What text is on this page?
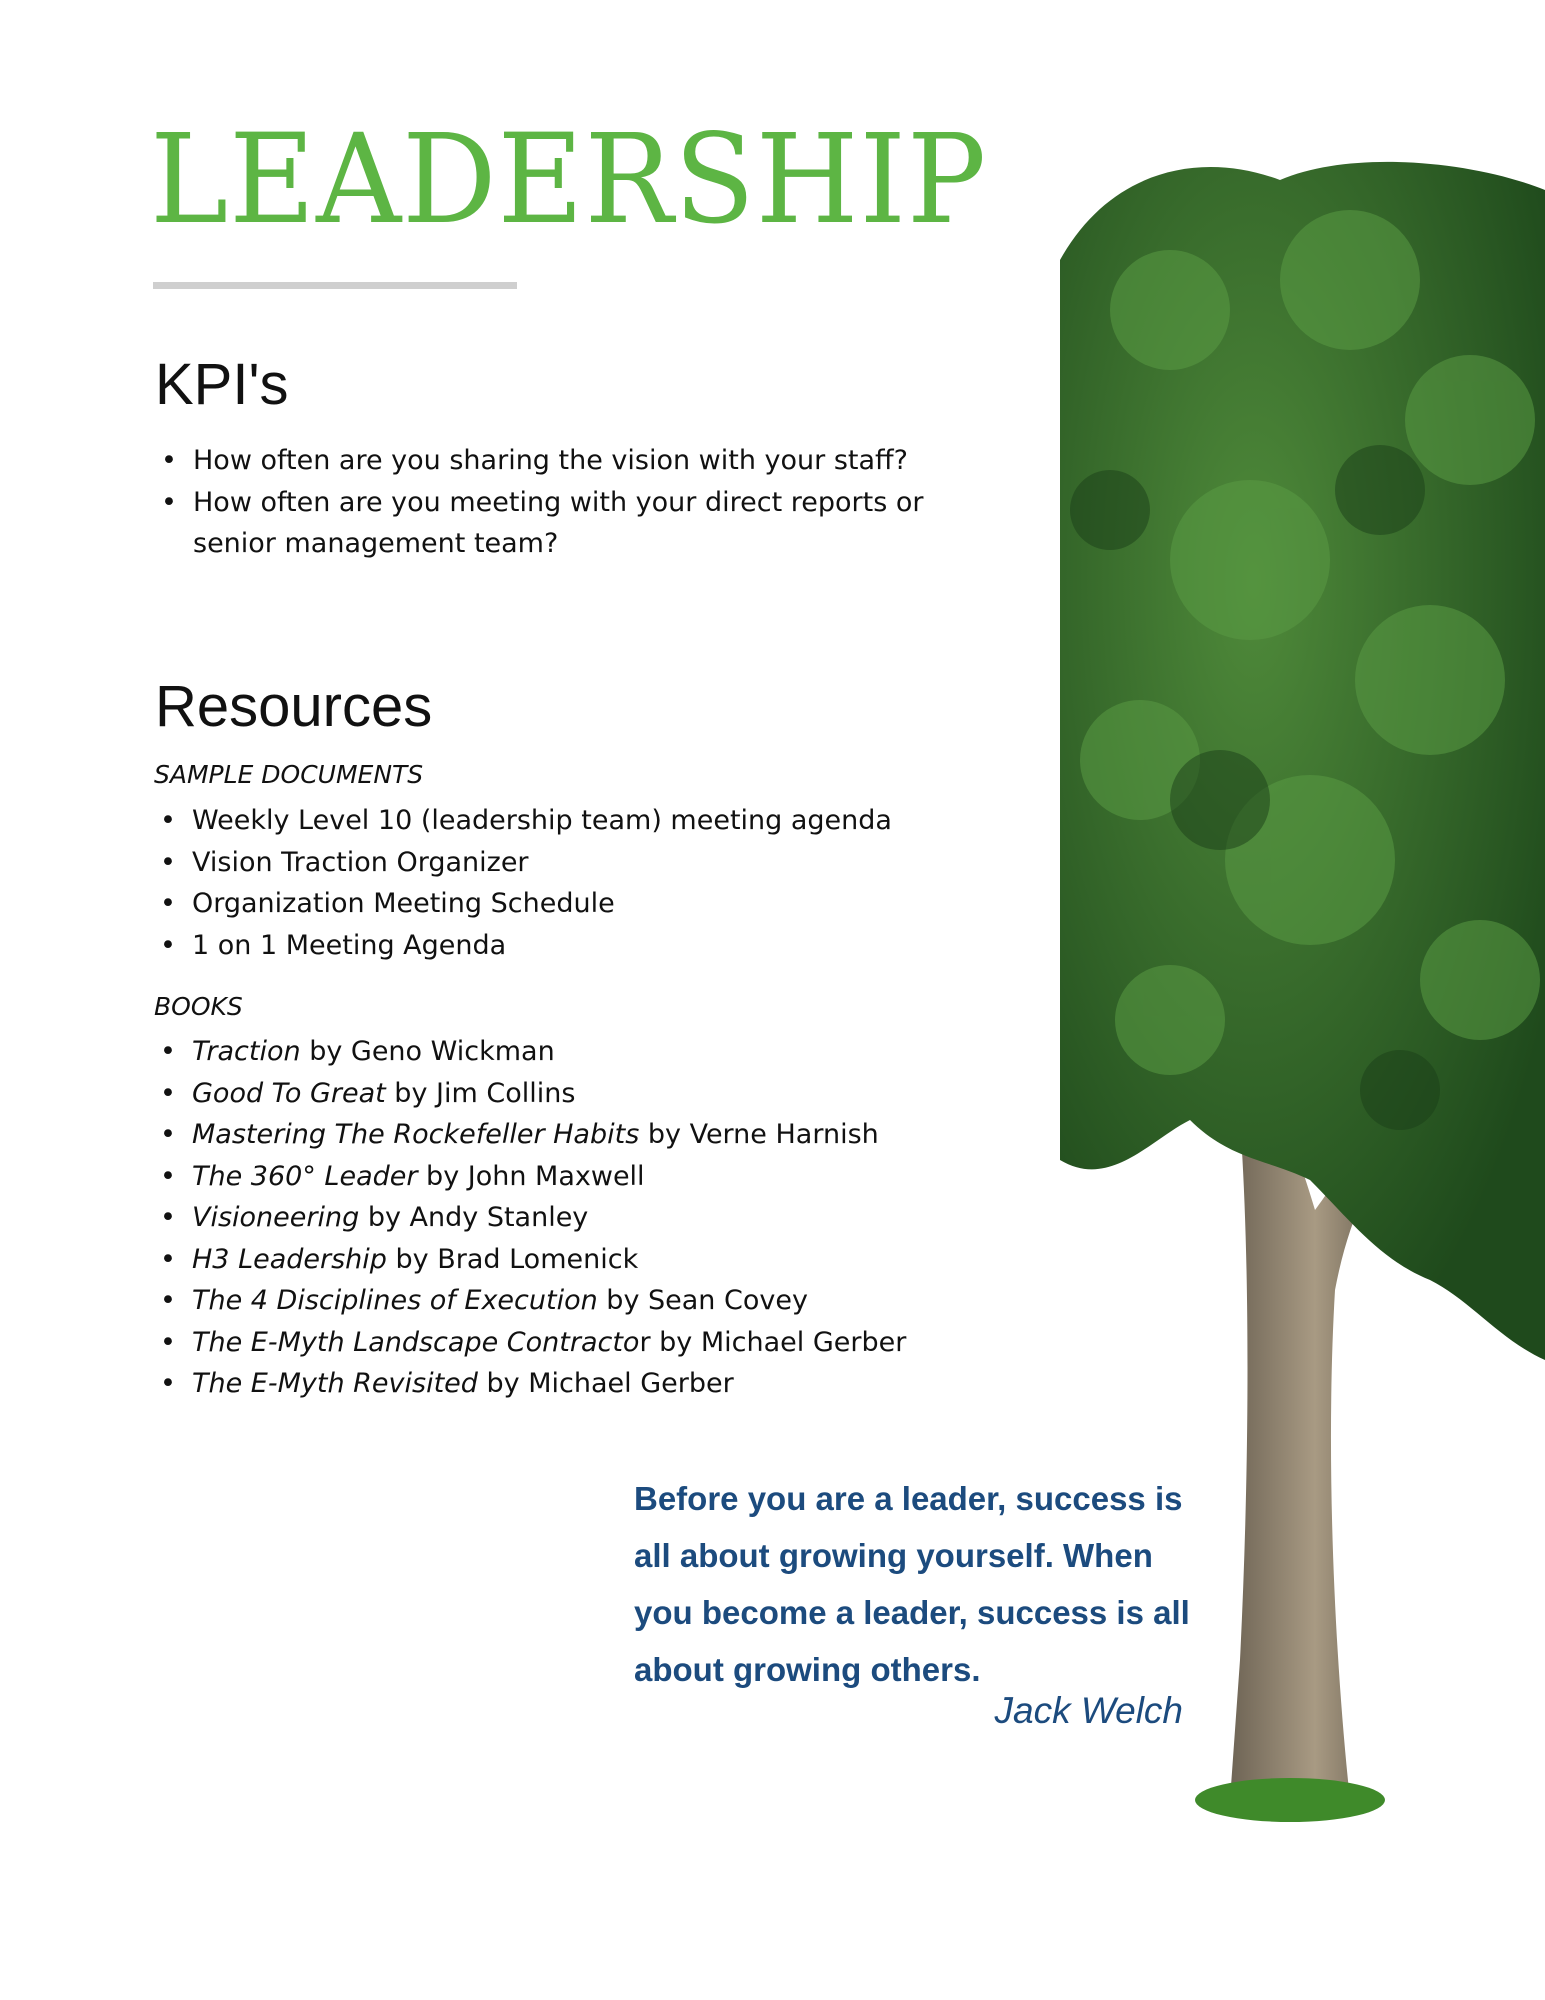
LEADERSHIP
KPI's
• How often are you sharing the vision with your staff?
• How often are you meeting with your direct reports or senior management team?
Resources
SAMPLE DOCUMENTS
• Weekly Level 10 (leadership team) meeting agenda
• Vision Traction Organizer
• Organization Meeting Schedule
• 1 on 1 Meeting Agenda
BOOKS
• Traction by Geno Wickman
• Good To Great by Jim Collins
• Mastering The Rockefeller Habits by Verne Harnish
• The 360° Leader by John Maxwell
• Visioneering by Andy Stanley
• H3 Leadership by Brad Lomenick
• The 4 Disciplines of Execution by Sean Covey
• The E-Myth Landscape Contractor by Michael Gerber
• The E-Myth Revisited by Michael Gerber
Before you are a leader, success is all about growing yourself. When you become a leader, success is all about growing others.
Jack Welch
